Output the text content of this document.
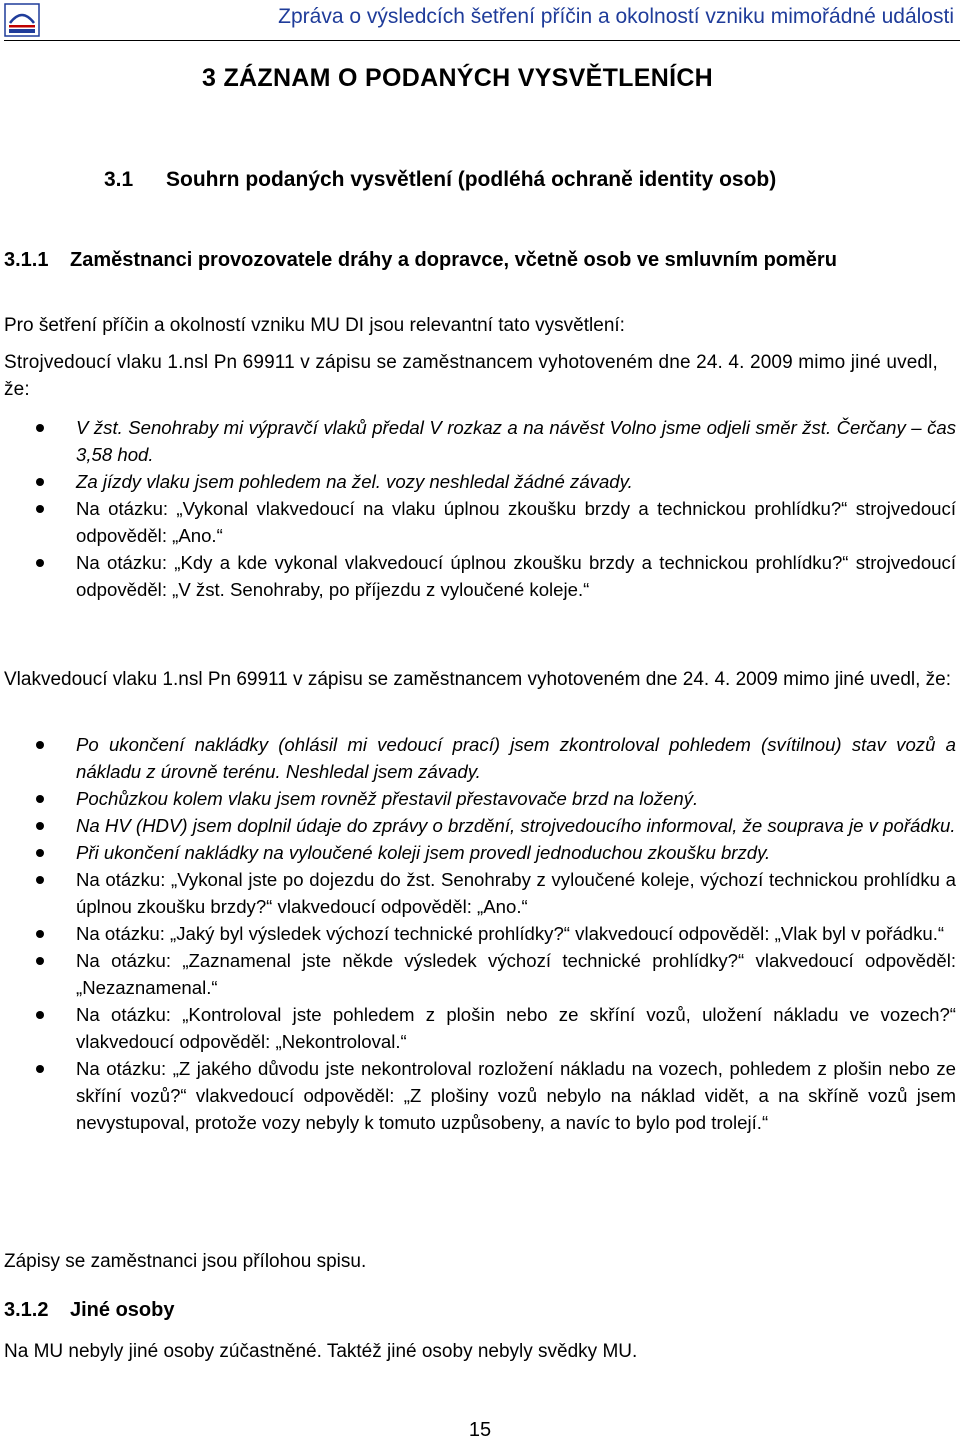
Zpráva o výsledcích šetření příčin a okolností vzniku mimořádné události
3 ZÁZNAM O PODANÝCH VYSVĚTLENÍCH
3.1 Souhrn podaných vysvětlení (podléhá ochraně identity osob)
3.1.1 Zaměstnanci provozovatele dráhy a dopravce, včetně osob ve smluvním poměru
Pro šetření příčin a okolností vzniku MU DI jsou relevantní tato vysvětlení:
Strojvedoucí vlaku 1.nsl Pn 69911 v zápisu se zaměstnancem vyhotoveném dne 24. 4. 2009 mimo jiné uvedl, že:
V žst. Senohraby mi výpravčí vlaků předal V rozkaz a na návěst Volno jsme odjeli směr žst. Čerčany – čas 3,58 hod.
Za jízdy vlaku jsem pohledem na žel. vozy neshledal žádné závady.
Na otázku: „Vykonal vlakvedoucí na vlaku úplnou zkoušku brzdy a technickou prohlídku?“ strojvedoucí odpověděl: „Ano.“
Na otázku: „Kdy a kde vykonal vlakvedoucí úplnou zkoušku brzdy a technickou prohlídku?“ strojvedoucí odpověděl: „V žst. Senohraby, po příjezdu z vyloučené koleje.“
Vlakvedoucí vlaku 1.nsl Pn 69911 v zápisu se zaměstnancem vyhotoveném dne 24. 4. 2009 mimo jiné uvedl, že:
Po ukončení nakládky (ohlásil mi vedoucí prací) jsem zkontroloval pohledem (svítilnou) stav vozů a nákladu z úrovně terénu. Neshledal jsem závady.
Pochůzkou kolem vlaku jsem rovněž přestavil přestavovače brzd na ložený.
Na HV (HDV) jsem doplnil údaje do zprávy o brzdění, strojvedoucího informoval, že souprava je v pořádku.
Při ukončení nakládky na vyloučené koleji jsem provedl jednoduchou zkoušku brzdy.
Na otázku: „Vykonal jste po dojezdu do žst. Senohraby z vyloučené koleje, výchozí technickou prohlídku a úplnou zkoušku brzdy?“ vlakvedoucí odpověděl: „Ano.“
Na otázku: „Jaký byl výsledek výchozí technické prohlídky?“ vlakvedoucí odpověděl: „Vlak byl v pořádku.“
Na otázku: „Zaznamenal jste někde výsledek výchozí technické prohlídky?“ vlakvedoucí odpověděl: „Nezaznamenal.“
Na otázku: „Kontroloval jste pohledem z plošin nebo ze skříní vozů, uložení nákladu ve vozech?“ vlakvedoucí odpověděl: „Nekontroloval.“
Na otázku: „Z jakého důvodu jste nekontroloval rozložení nákladu na vozech, pohledem z plošin nebo ze skříní vozů?“ vlakvedoucí odpověděl: „Z plošiny vozů nebylo na náklad vidět, a na skříně vozů jsem nevystupoval, protože vozy nebyly k tomuto uzpůsobeny, a navíc to bylo pod trolejí.“
Zápisy se zaměstnanci jsou přílohou spisu.
3.1.2 Jiné osoby
Na MU nebyly jiné osoby zúčastněné. Taktéž jiné osoby nebyly svědky MU.
15
